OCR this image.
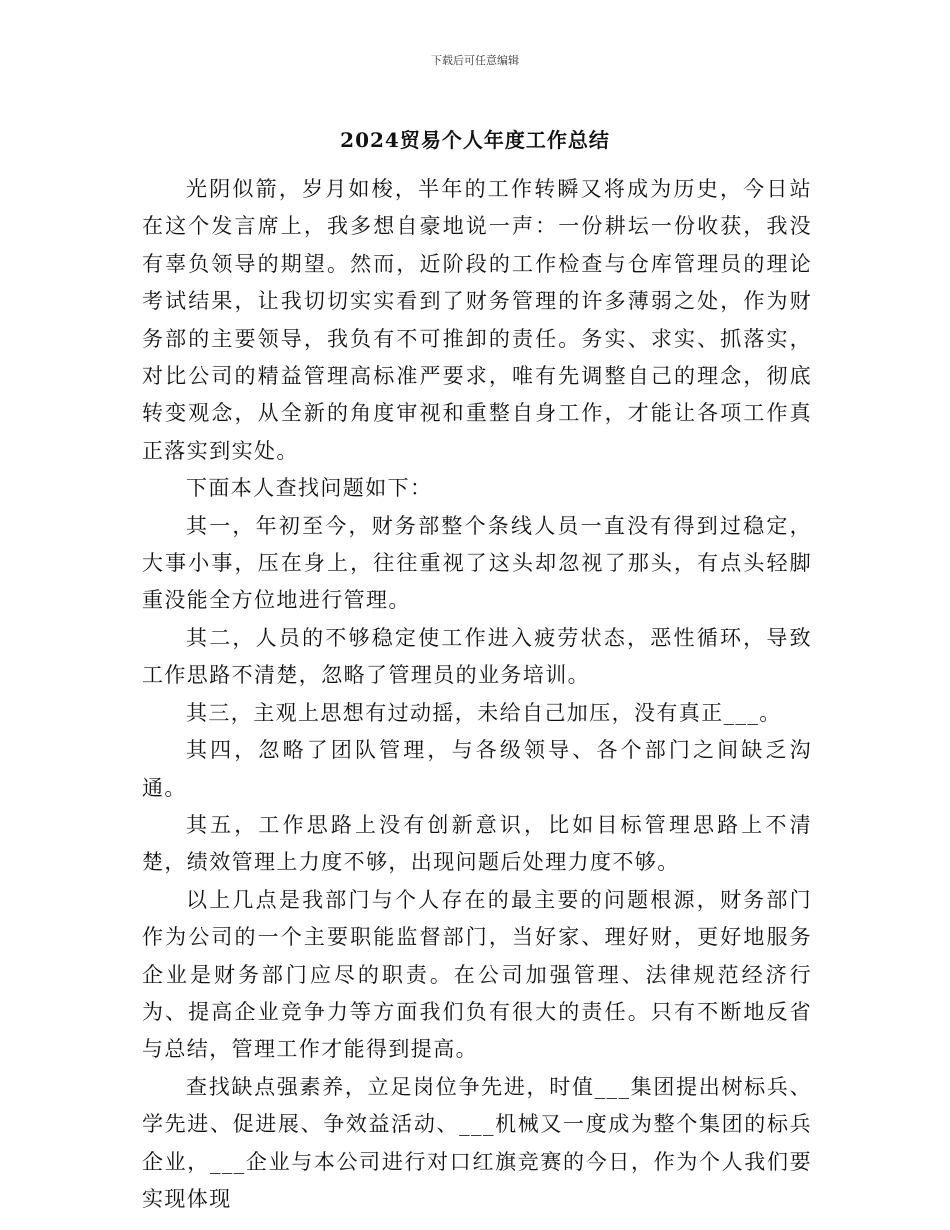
下载后可任意编辑
2024贸易个人年度工作总结

光阴似箭，岁月如梭，半年的工作转瞬又将成为历史，今日站在这个发言席上，我多想自豪地说一声：一份耕坛一份收获，我没有辜负领导的期望。然而，近阶段的工作检查与仓库管理员的理论考试结果，让我切切实实看到了财务管理的许多薄弱之处，作为财务部的主要领导，我负有不可推卸的责任。务实、求实、抓落实，对比公司的精益管理高标准严要求，唯有先调整自己的理念，彻底转变观念，从全新的角度审视和重整自身工作，才能让各项工作真正落实到实处。

下面本人查找问题如下：

其一，年初至今，财务部整个条线人员一直没有得到过稳定，大事小事，压在身上，往往重视了这头却忽视了那头，有点头轻脚重没能全方位地进行管理。

其二，人员的不够稳定使工作进入疲劳状态，恶性循环，导致工作思路不清楚，忽略了管理员的业务培训。

其三，主观上思想有过动摇，未给自己加压，没有真正___。

其四，忽略了团队管理，与各级领导、各个部门之间缺乏沟通。

其五，工作思路上没有创新意识，比如目标管理思路上不清楚，绩效管理上力度不够，出现问题后处理力度不够。

以上几点是我部门与个人存在的最主要的问题根源，财务部门作为公司的一个主要职能监督部门，当好家、理好财，更好地服务企业是财务部门应尽的职责。在公司加强管理、法律规范经济行为、提高企业竞争力等方面我们负有很大的责任。只有不断地反省与总结，管理工作才能得到提高。

查找缺点强素养，立足岗位争先进，时值___集团提出树标兵、学先进、促进展、争效益活动、___机械又一度成为整个集团的标兵企业，___企业与本公司进行对口红旗竞赛的今日，作为个人我们要实现体现
